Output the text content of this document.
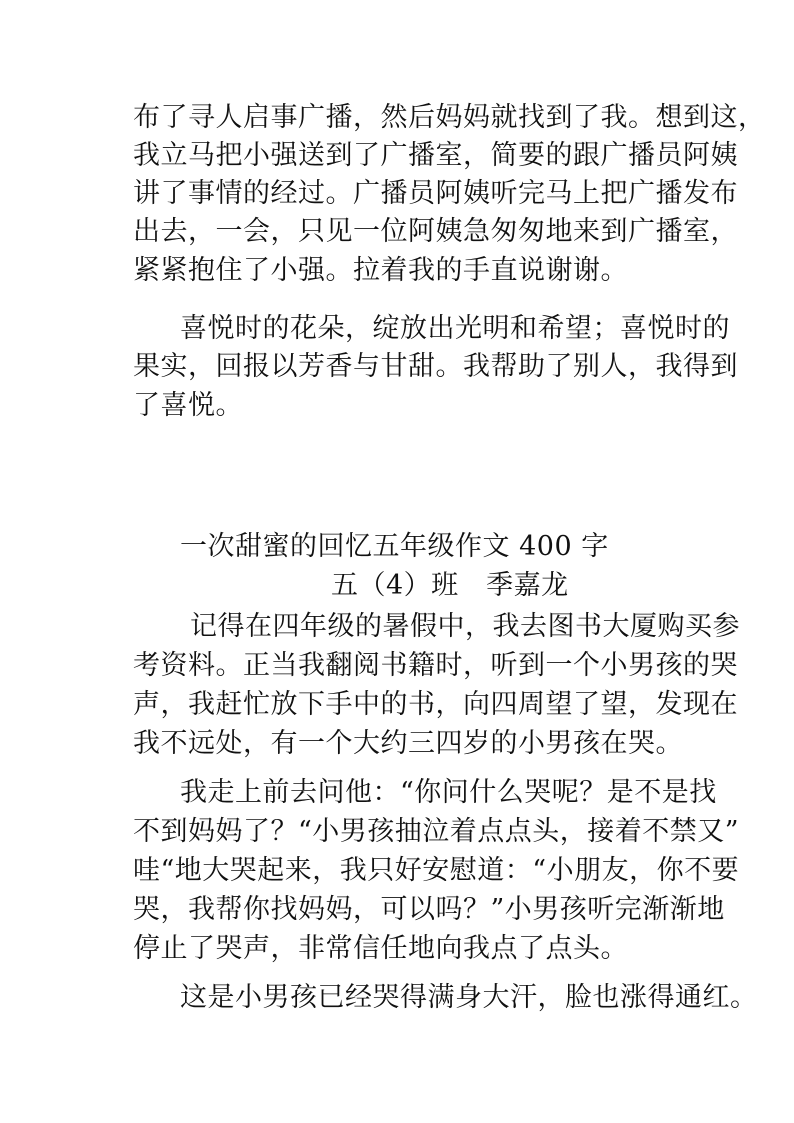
布了寻人启事广播，然后妈妈就找到了我。想到这，
我立马把小强送到了广播室，简要的跟广播员阿姨
讲了事情的经过。广播员阿姨听完马上把广播发布
出去，一会，只见一位阿姨急匆匆地来到广播室，
紧紧抱住了小强。拉着我的手直说谢谢。
喜悦时的花朵，绽放出光明和希望；喜悦时的
果实，回报以芳香与甘甜。我帮助了别人，我得到
了喜悦。
一次甜蜜的回忆五年级作文 400 字
五（4）班　季嘉龙
记得在四年级的暑假中，我去图书大厦购买参
考资料。正当我翻阅书籍时，听到一个小男孩的哭
声，我赶忙放下手中的书，向四周望了望，发现在
我不远处，有一个大约三四岁的小男孩在哭。
我走上前去问他：“你问什么哭呢？是不是找
不到妈妈了？“小男孩抽泣着点点头，接着不禁又”
哇“地大哭起来，我只好安慰道：“小朋友，你不要
哭，我帮你找妈妈，可以吗？”小男孩听完渐渐地
停止了哭声，非常信任地向我点了点头。
这是小男孩已经哭得满身大汗，脸也涨得通红。
